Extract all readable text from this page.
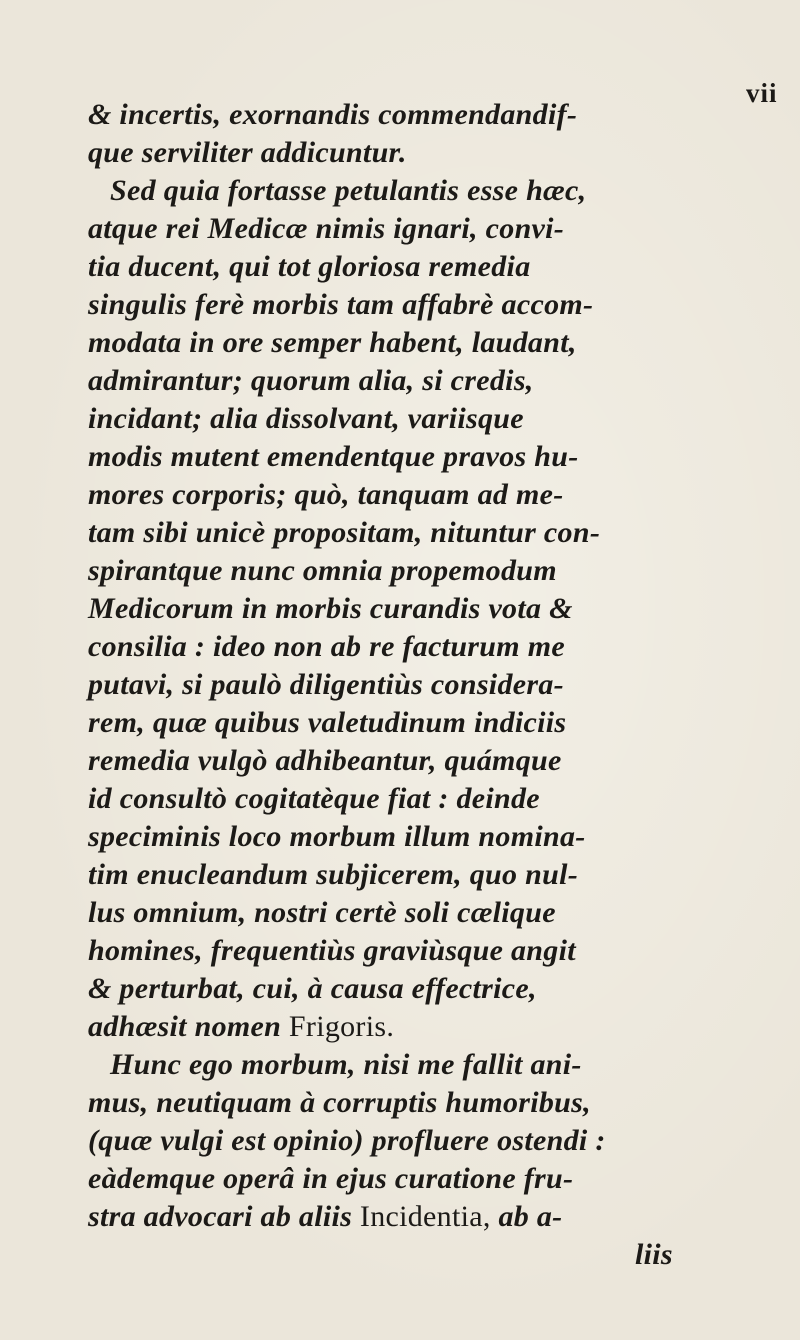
vii
& incertis, exornandis commendandif-
que serviliter addicuntur.
Sed quia fortasse petulantis esse hæc,
atque rei Medicæ nimis ignari, convi-
tia ducent, qui tot gloriosa remedia
singulis ferè morbis tam affabrè accom-
modata in ore semper habent, laudant,
admirantur; quorum alia, si credis,
incidant; alia dissolvant, variisque
modis mutent emendentque pravos hu-
mores corporis; quò, tanquam ad me-
tam sibi unicè propositam, nituntur con-
spirantque nunc omnia propemodum
Medicorum in morbis curandis vota &
consilia : ideo non ab re facturum me
putavi, si paulò diligentiùs considera-
rem, quæ quibus valetudinum indiciis
remedia vulgò adhibeantur, quámque
id consultò cogitatèque fiat : deinde
speciminis loco morbum illum nomina-
tim enucleandum subjicerem, quo nul-
lus omnium, nostri certè soli cælique
homines, frequentiùs graviùsque angit
& perturbat, cui, à causa effectrice,
adhæsit nomen Frigoris.
Hunc ego morbum, nisi me fallit ani-
mus, neutiquam à corruptis humoribus,
(quæ vulgi est opinio) profluere ostendi :
eàdemque operâ in ejus curatione fru-
stra advocari ab aliis Incidentia, ab a-
liis
